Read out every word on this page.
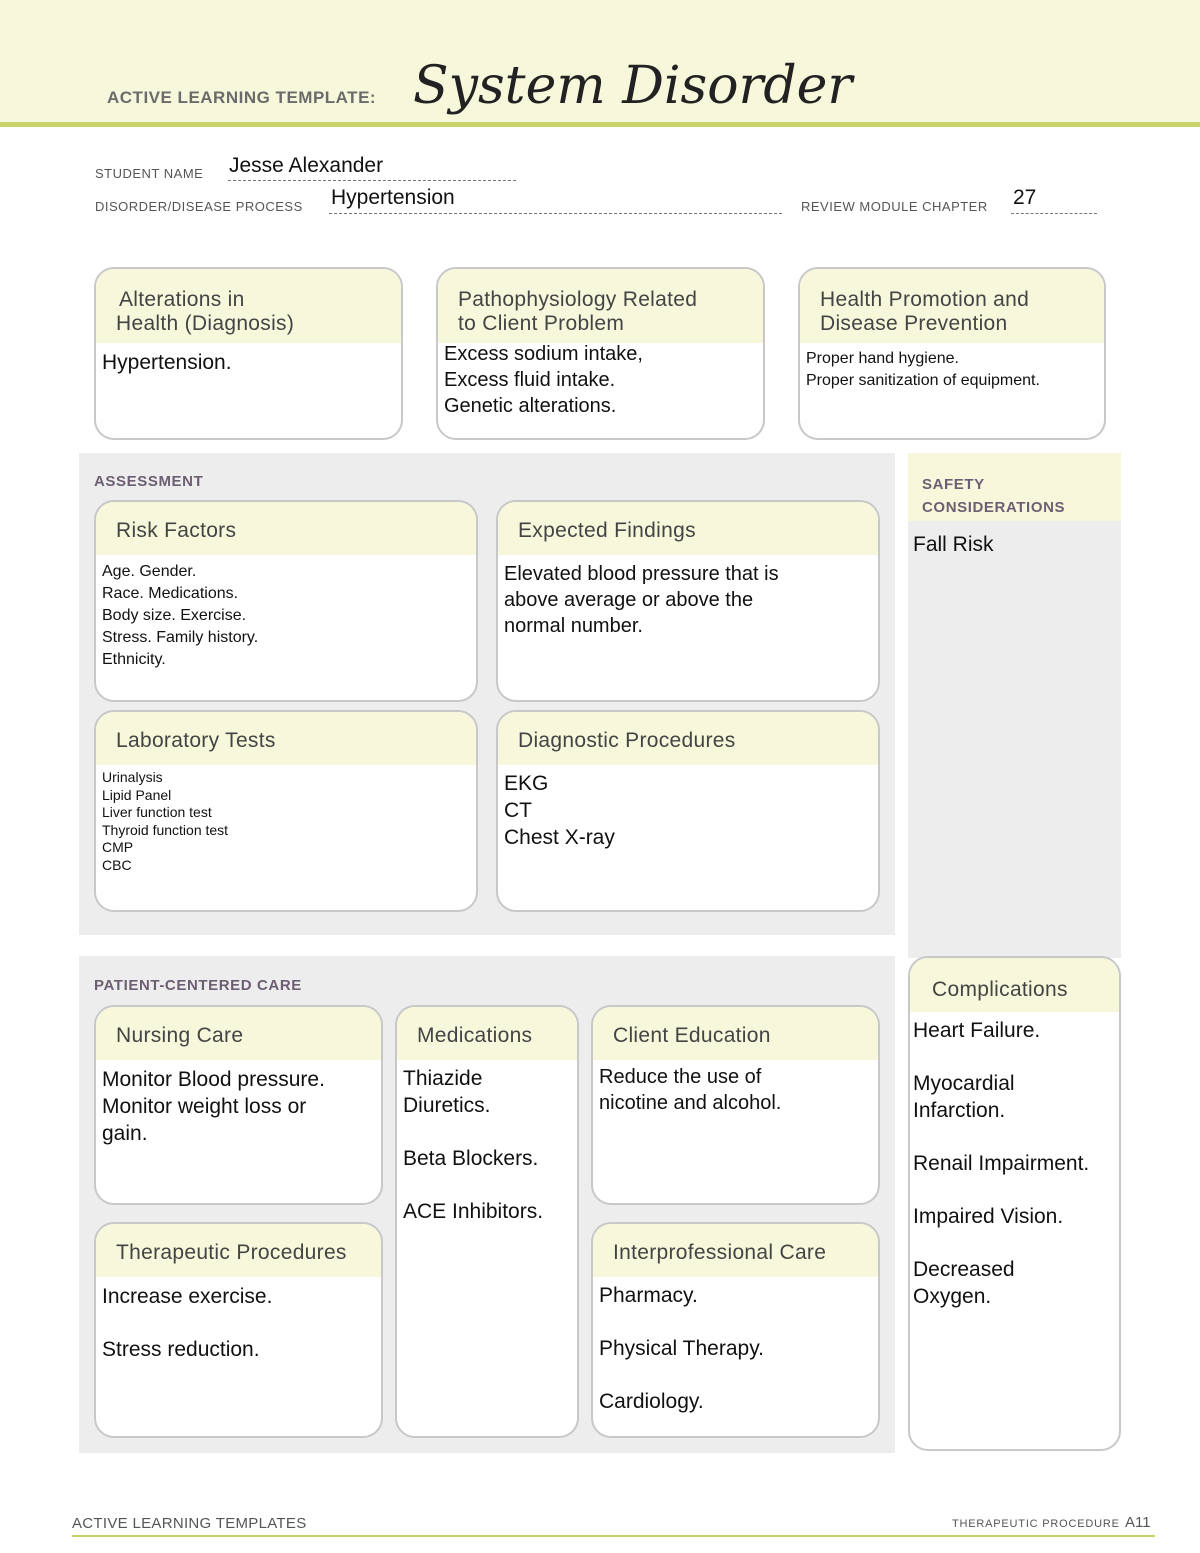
ACTIVE LEARNING TEMPLATE: System Disorder
STUDENT NAME Jesse Alexander
DISORDER/DISEASE PROCESS Hypertension	REVIEW MODULE CHAPTER 27
Alterations in
Health (Diagnosis)
Hypertension.
Pathophysiology Related
to Client Problem
Excess sodium intake,
Excess fluid intake.
Genetic alterations.
Health Promotion and
Disease Prevention
Proper hand hygiene.
Proper sanitization of equipment.
ASSESSMENT
Risk Factors
Age. Gender.
Race. Medications.
Body size. Exercise.
Stress. Family history.
Ethnicity.
Expected Findings
Elevated blood pressure that is
above average or above the
normal number.
Laboratory Tests
Urinalysis
Lipid Panel
Liver function test
Thyroid function test
CMP
CBC
Diagnostic Procedures
EKG
CT
Chest X-ray
SAFETY
CONSIDERATIONS
Fall Risk
PATIENT-CENTERED CARE
Nursing Care
Monitor Blood pressure.
Monitor weight loss or
gain.
Medications
Thiazide
Diuretics.
Beta Blockers.
ACE Inhibitors.
Client Education
Reduce the use of
nicotine and alcohol.
Therapeutic Procedures
Increase exercise.
Stress reduction.
Interprofessional Care
Pharmacy.
Physical Therapy.
Cardiology.
Complications
Heart Failure.
Myocardial
Infarction.
Renail Impairment.
Impaired Vision.
Decreased
Oxygen.
ACTIVE LEARNING TEMPLATES	THERAPEUTIC PROCEDURE A11
